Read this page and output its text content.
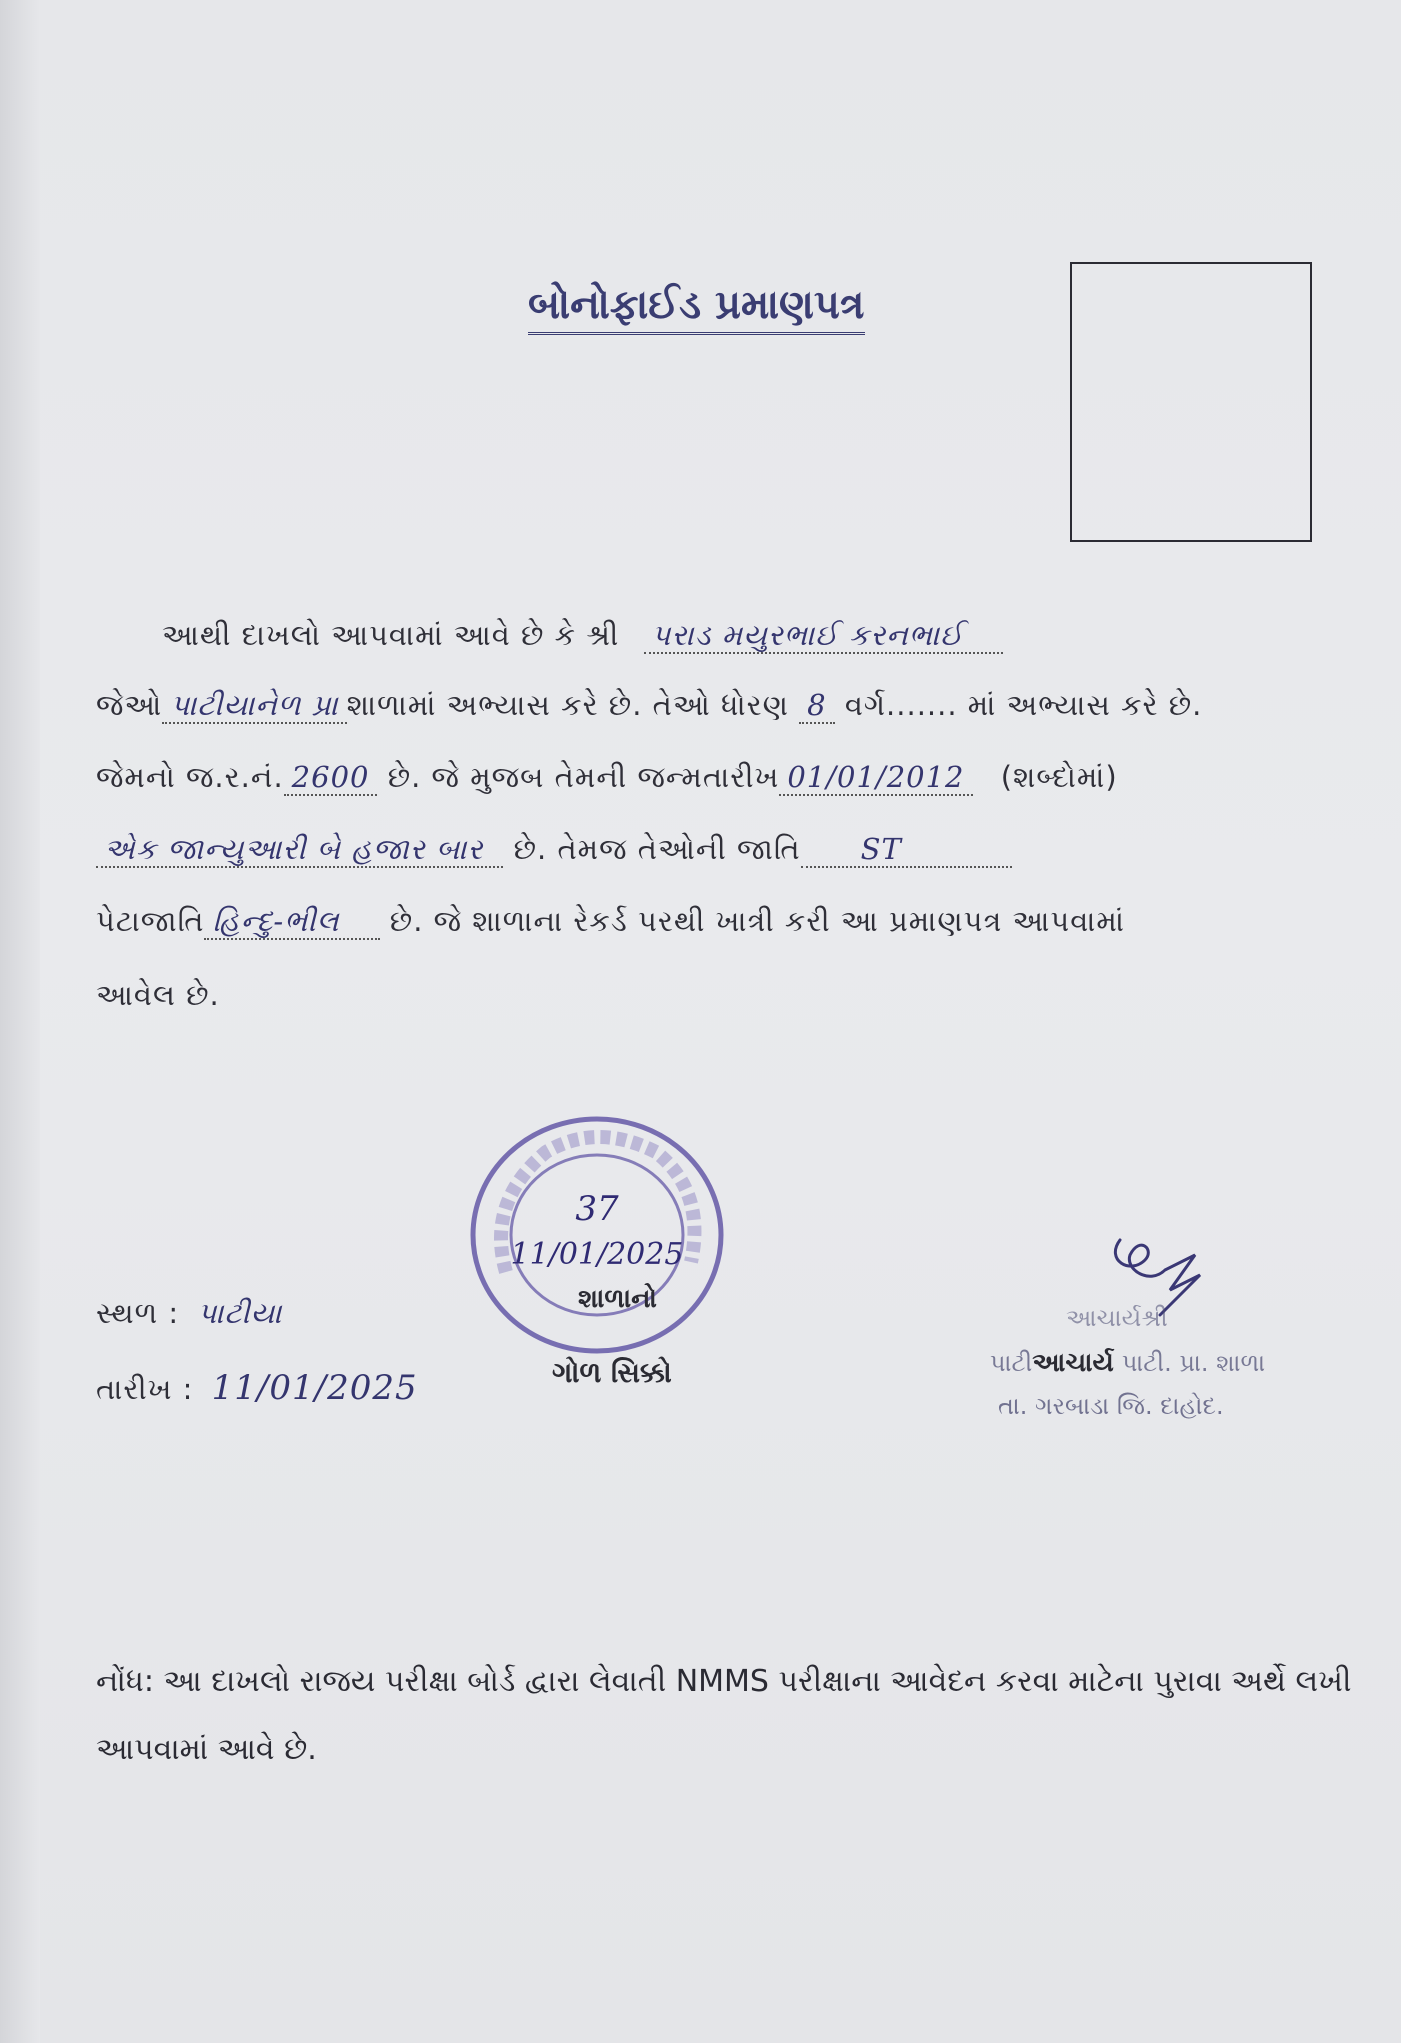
બોનોફાઈડ પ્રમાણપત્ર
આથી દાખલો આપવામાં આવે છે કે શ્રી પરાડ મયુરભાઈ કરનભાઈ
જેઓ પાટીયાનેળ પ્રા શાળામાં અભ્યાસ કરે છે. તેઓ ધોરણ 8 વર્ગ....... માં અભ્યાસ કરે છે.
જેમનો જ.ર.નં. 2600 છે. જે મુજબ તેમની જન્મતારીખ 01/01/2012 (શબ્દોમાં)
એક જાન્યુઆરી બે હજાર બાર છે. તેમજ તેઓની જાતિ ST
પેટાજાતિ હિન્દુ-ભીલ છે. જે શાળાના રેકર્ડ પરથી ખાત્રી કરી આ પ્રમાણપત્ર આપવામાં
આવેલ છે.
સ્થળ : પાટીયા
તારીખ : 11/01/2025
37
11/01/2025
શાળાનો
ગોળ સિક્કો
આચાર્યશ્રી
પાટીઆચાર્ય પાટી. પ્રા. શાળા
તા. ગરબાડા જિ. દાહોદ.
નોંધ: આ દાખલો રાજય પરીક્ષા બોર્ડ દ્વારા લેવાતી NMMS પરીક્ષાના આવેદન કરવા માટેના પુરાવા અર્થે લખી
આપવામાં આવે છે.
